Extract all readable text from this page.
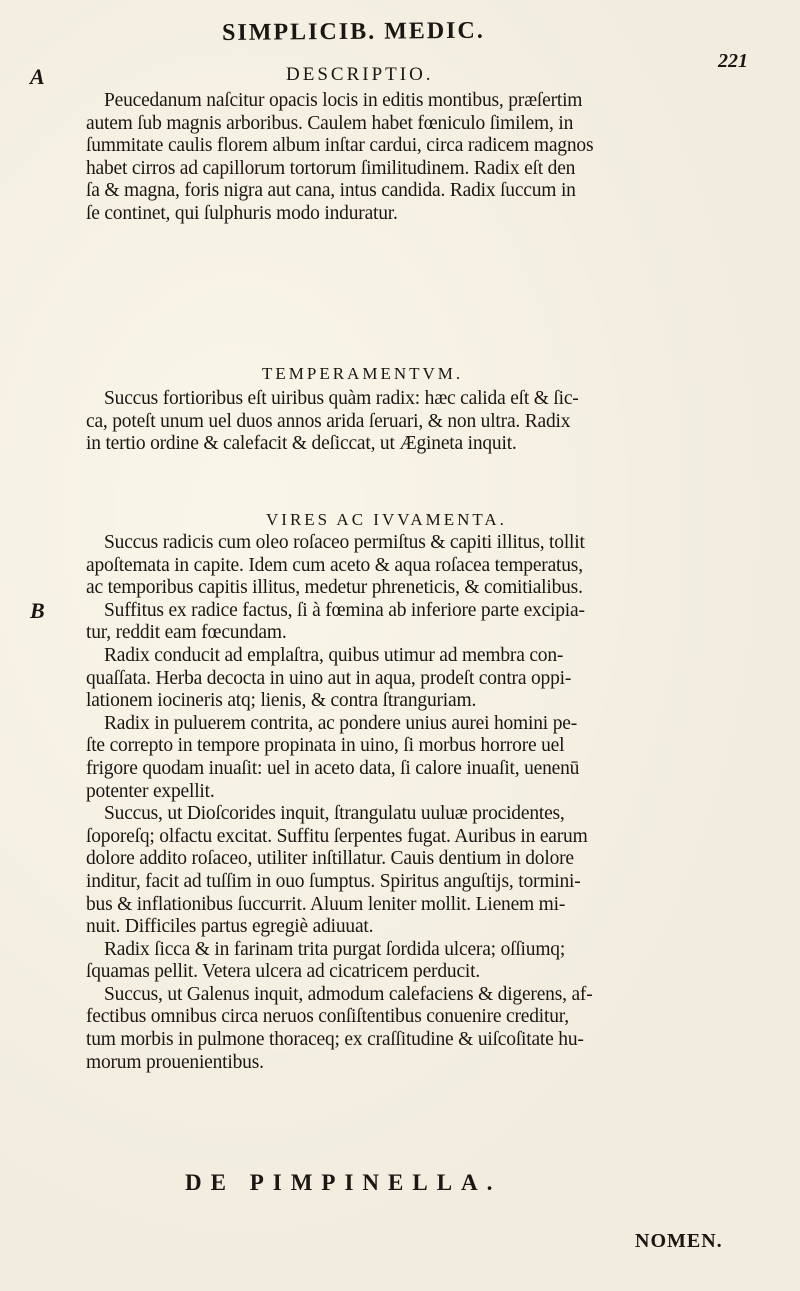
SIMPLICIB. MEDIC.
221
A
B
DESCRIPTIO.
Peucedanum naſcitur opacis locis in editis montibus, præſertim
autem ſub magnis arboribus. Caulem habet fœniculo ſimilem, in
ſummitate caulis florem album inſtar cardui, circa radicem magnos
habet cirros ad capillorum tortorum ſimilitudinem. Radix eſt den
ſa & magna, foris nigra aut cana, intus candida. Radix ſuccum in
ſe continet, qui ſulphuris modo induratur.
TEMPERAMENTVM.
Succus fortioribus eſt uiribus quàm radix: hæc calida eſt & ſic-
ca, poteſt unum uel duos annos arida ſeruari, & non ultra. Radix
in tertio ordine & calefacit & deſiccat, ut Æginetа inquit.
VIRES AC IVVAMENTA.
Succus radicis cum oleo roſaceo permiſtus & capiti illitus, tollit
apoſtemata in capite. Idem cum aceto & aqua roſacea temperatus,
ac temporibus capitis illitus, medetur phreneticis, & comitialibus.
Suffitus ex radice factus, ſi à fœmina ab inferiore parte excipia-
tur, reddit eam fœcundam.
Radix conducit ad emplaſtra, quibus utimur ad membra con-
quaſſata. Herba decocta in uino aut in aqua, prodeſt contra oppi-
lationem iocineris atq; lienis, & contra ſtranguriam.
Radix in puluerem contrita, ac pondere unius aurei homini pe-
ſte correpto in tempore propinata in uino, ſi morbus horrore uel
frigore quodam inuaſit: uel in aceto data, ſi calore inuaſit, uenenū
potenter expellit.
Succus, ut Dioſcorides inquit, ſtrangulatu uuluæ procidentes,
ſoporeſq; olfactu excitat. Suffitu ſerpentes fugat. Auribus in earum
dolore addito roſaceo, utiliter inſtillatur. Cauis dentium in dolore
inditur, facit ad tuſſim in ouo ſumptus. Spiritus anguſtijs, tormini-
bus & inflationibus ſuccurrit. Aluum leniter mollit. Lienem mi-
nuit. Difficiles partus egregiè adiuuat.
Radix ſicca & in farinam trita purgat ſordida ulcera; oſſiumq;
ſquamas pellit. Vetera ulcera ad cicatricem perducit.
Succus, ut Galenus inquit, admodum calefaciens & digerens, af-
fectibus omnibus circa neruos conſiſtentibus conuenire creditur,
tum morbis in pulmone thoraceq; ex craſſitudine & uiſcoſitate hu-
morum prouenientibus.
DE PIMPINELLA.
NOMEN.
